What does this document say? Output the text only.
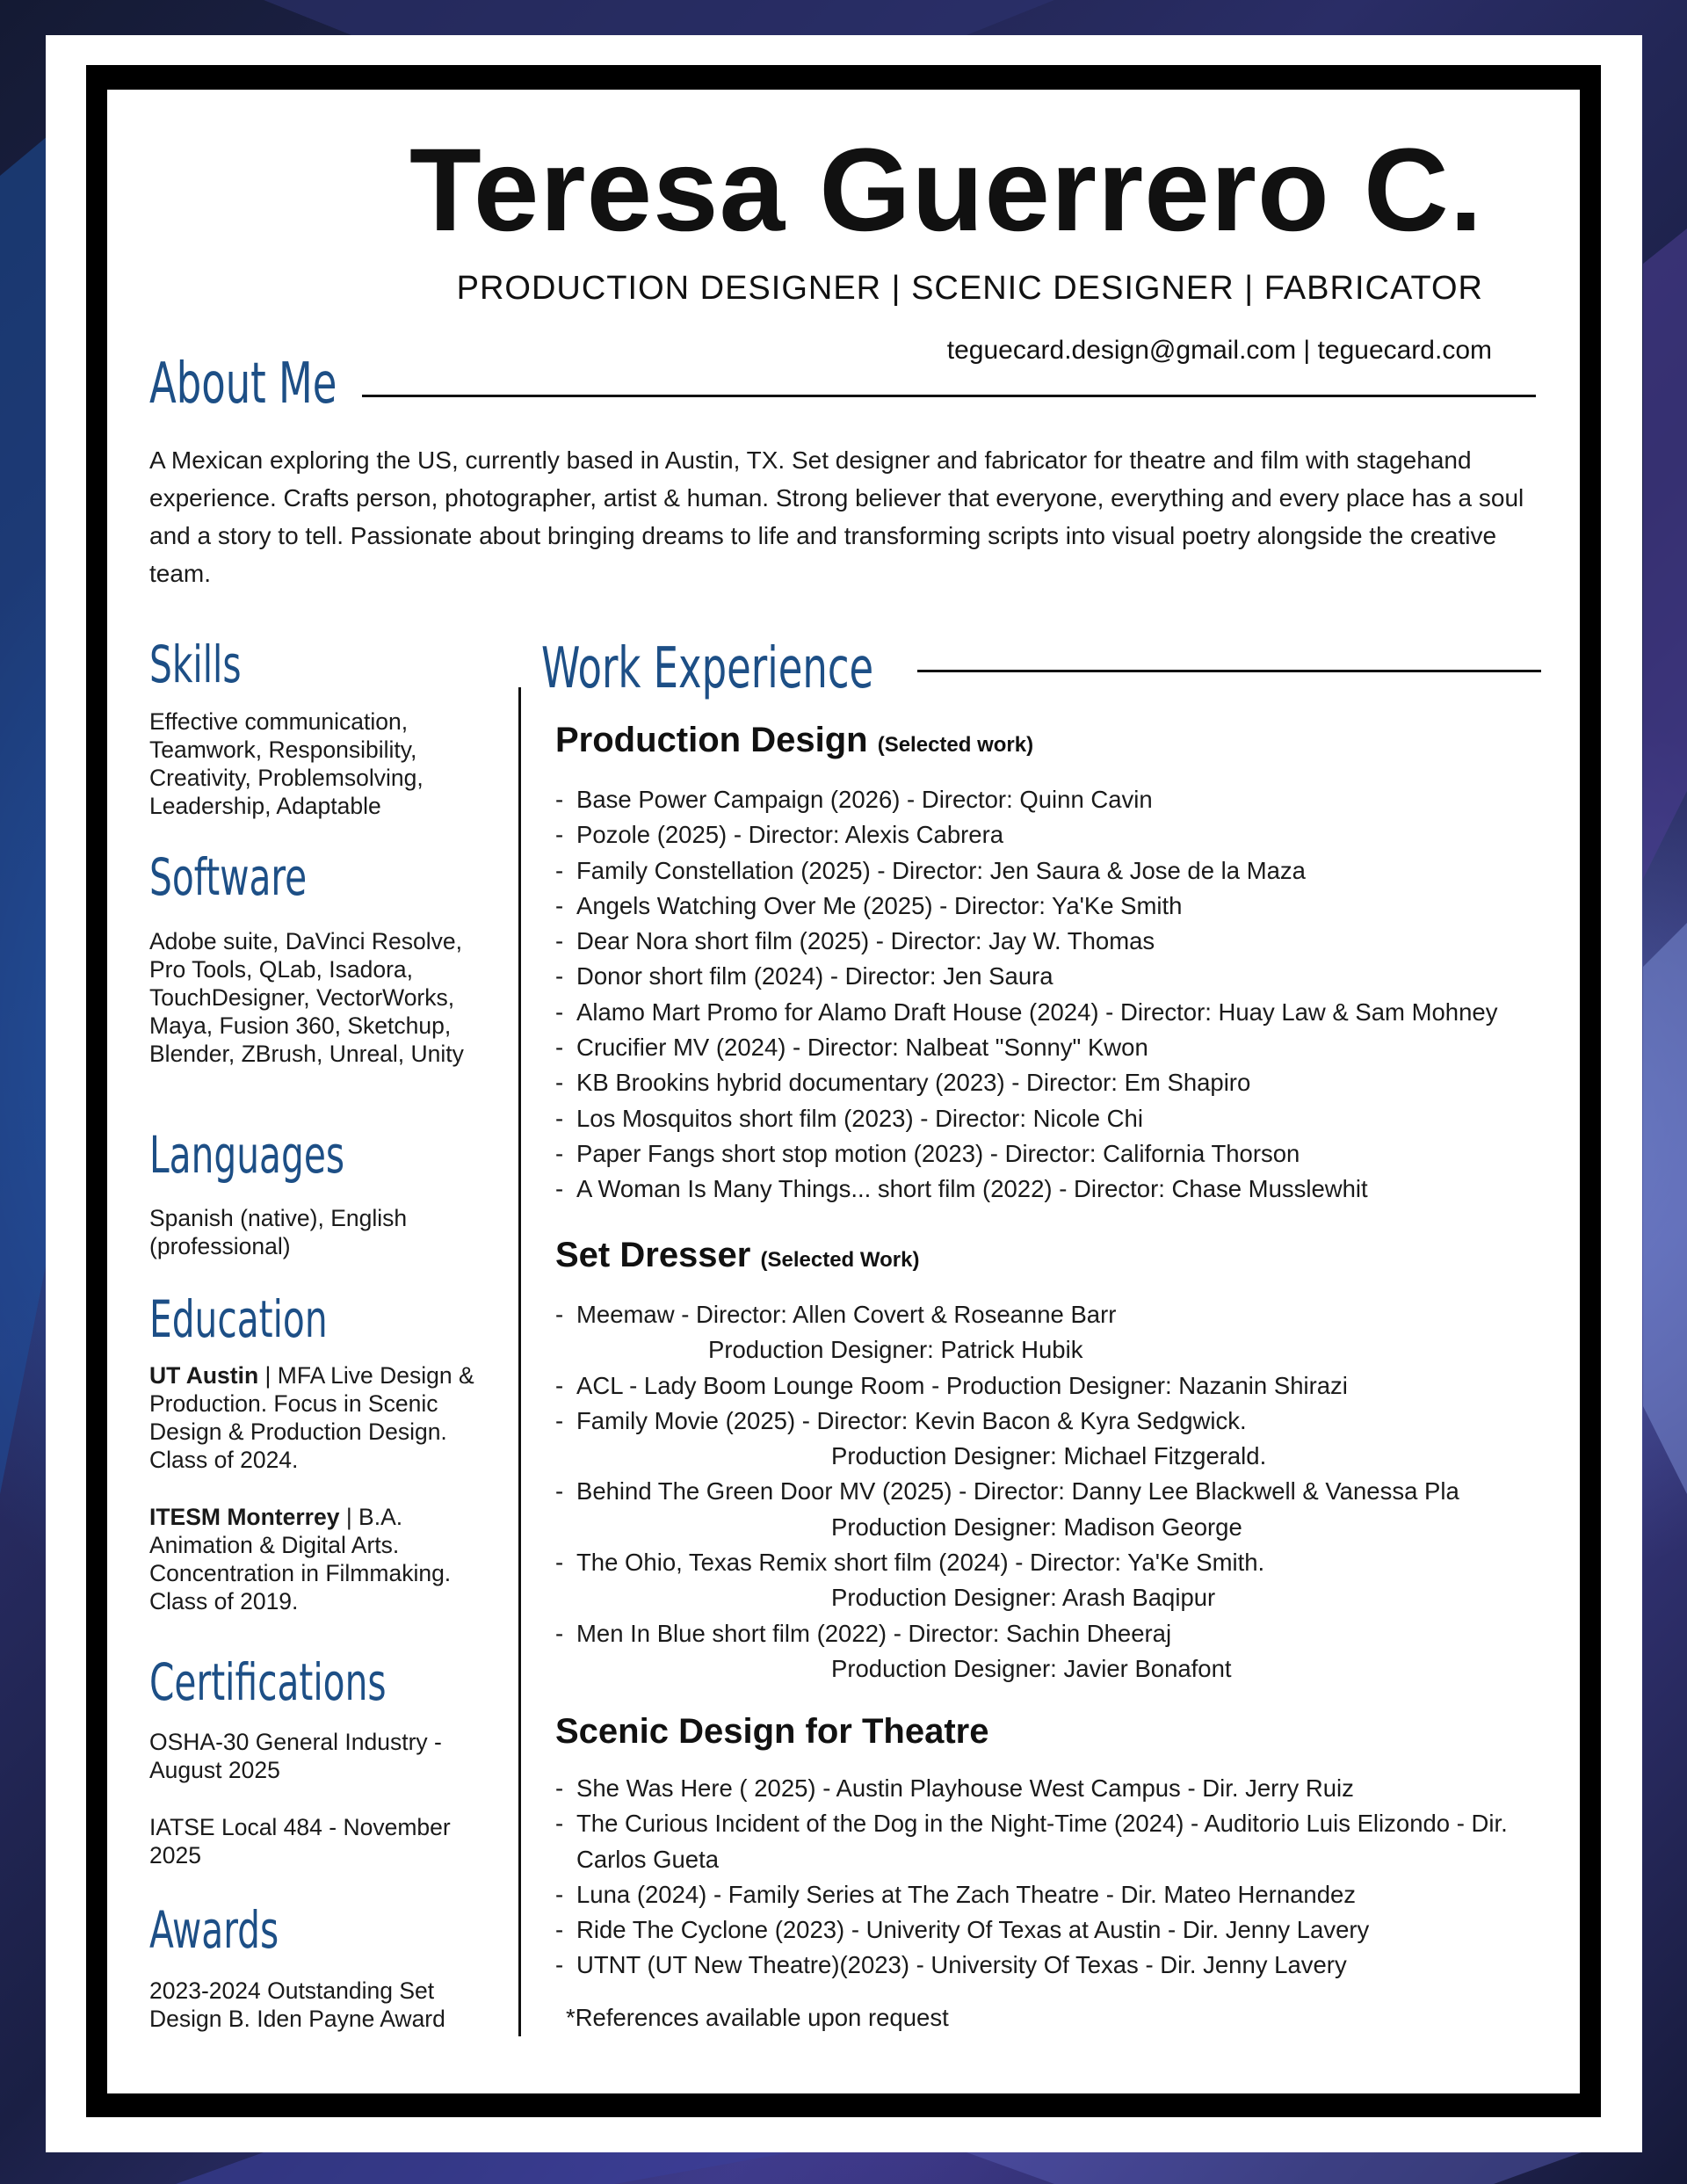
Teresa Guerrero C.
PRODUCTION DESIGNER | SCENIC DESIGNER | FABRICATOR
teguecard.design@gmail.com | teguecard.com
About Me
A Mexican exploring the US, currently based in Austin, TX. Set designer and fabricator for theatre and film with stagehand experience. Crafts person, photographer, artist & human. Strong believer that everyone, everything and every place has a soul and a story to tell. Passionate about bringing dreams to life and transforming scripts into visual poetry alongside the creative team.
Skills
Effective communication, Teamwork, Responsibility, Creativity, Problemsolving, Leadership, Adaptable
Software
Adobe suite, DaVinci Resolve, Pro Tools, QLab, Isadora, TouchDesigner, VectorWorks, Maya, Fusion 360, Sketchup, Blender, ZBrush, Unreal, Unity
Languages
Spanish (native), English (professional)
Education
UT Austin | MFA Live Design & Production. Focus in Scenic Design & Production Design. Class of 2024.
ITESM Monterrey | B.A. Animation & Digital Arts. Concentration in Filmmaking. Class of 2019.
Certifications
OSHA-30 General Industry - August 2025
IATSE Local 484 - November 2025
Awards
2023-2024 Outstanding Set Design B. Iden Payne Award
Work Experience
Production Design (Selected work)
- Base Power Campaign (2026) - Director: Quinn Cavin
- Pozole (2025) - Director: Alexis Cabrera
- Family Constellation (2025) - Director: Jen Saura & Jose de la Maza
- Angels Watching Over Me (2025) - Director: Ya'Ke Smith
- Dear Nora short film (2025) - Director: Jay W. Thomas
- Donor short film (2024) - Director: Jen Saura
- Alamo Mart Promo for Alamo Draft House (2024) - Director: Huay Law & Sam Mohney
- Crucifier MV (2024) - Director: Nalbeat "Sonny" Kwon
- KB Brookins hybrid documentary (2023) - Director: Em Shapiro
- Los Mosquitos short film (2023) - Director: Nicole Chi
- Paper Fangs short stop motion (2023) - Director: California Thorson
- A Woman Is Many Things... short film (2022) - Director: Chase Musslewhit
Set Dresser (Selected Work)
- Meemaw - Director: Allen Covert & Roseanne Barr
Production Designer: Patrick Hubik
- ACL - Lady Boom Lounge Room - Production Designer: Nazanin Shirazi
- Family Movie (2025) - Director: Kevin Bacon & Kyra Sedgwick.
Production Designer: Michael Fitzgerald.
- Behind The Green Door MV (2025) - Director: Danny Lee Blackwell & Vanessa Pla
Production Designer: Madison George
- The Ohio, Texas Remix short film (2024) - Director: Ya'Ke Smith.
Production Designer: Arash Baqipur
- Men In Blue short film (2022) - Director: Sachin Dheeraj
Production Designer: Javier Bonafont
Scenic Design for Theatre
- She Was Here ( 2025) - Austin Playhouse West Campus - Dir. Jerry Ruiz
- The Curious Incident of the Dog in the Night-Time (2024) - Auditorio Luis Elizondo - Dir. Carlos Gueta
- Luna (2024) - Family Series at The Zach Theatre - Dir. Mateo Hernandez
- Ride The Cyclone (2023) - Univerity Of Texas at Austin - Dir. Jenny Lavery
- UTNT (UT New Theatre)(2023) - University Of Texas - Dir. Jenny Lavery
*References available upon request
